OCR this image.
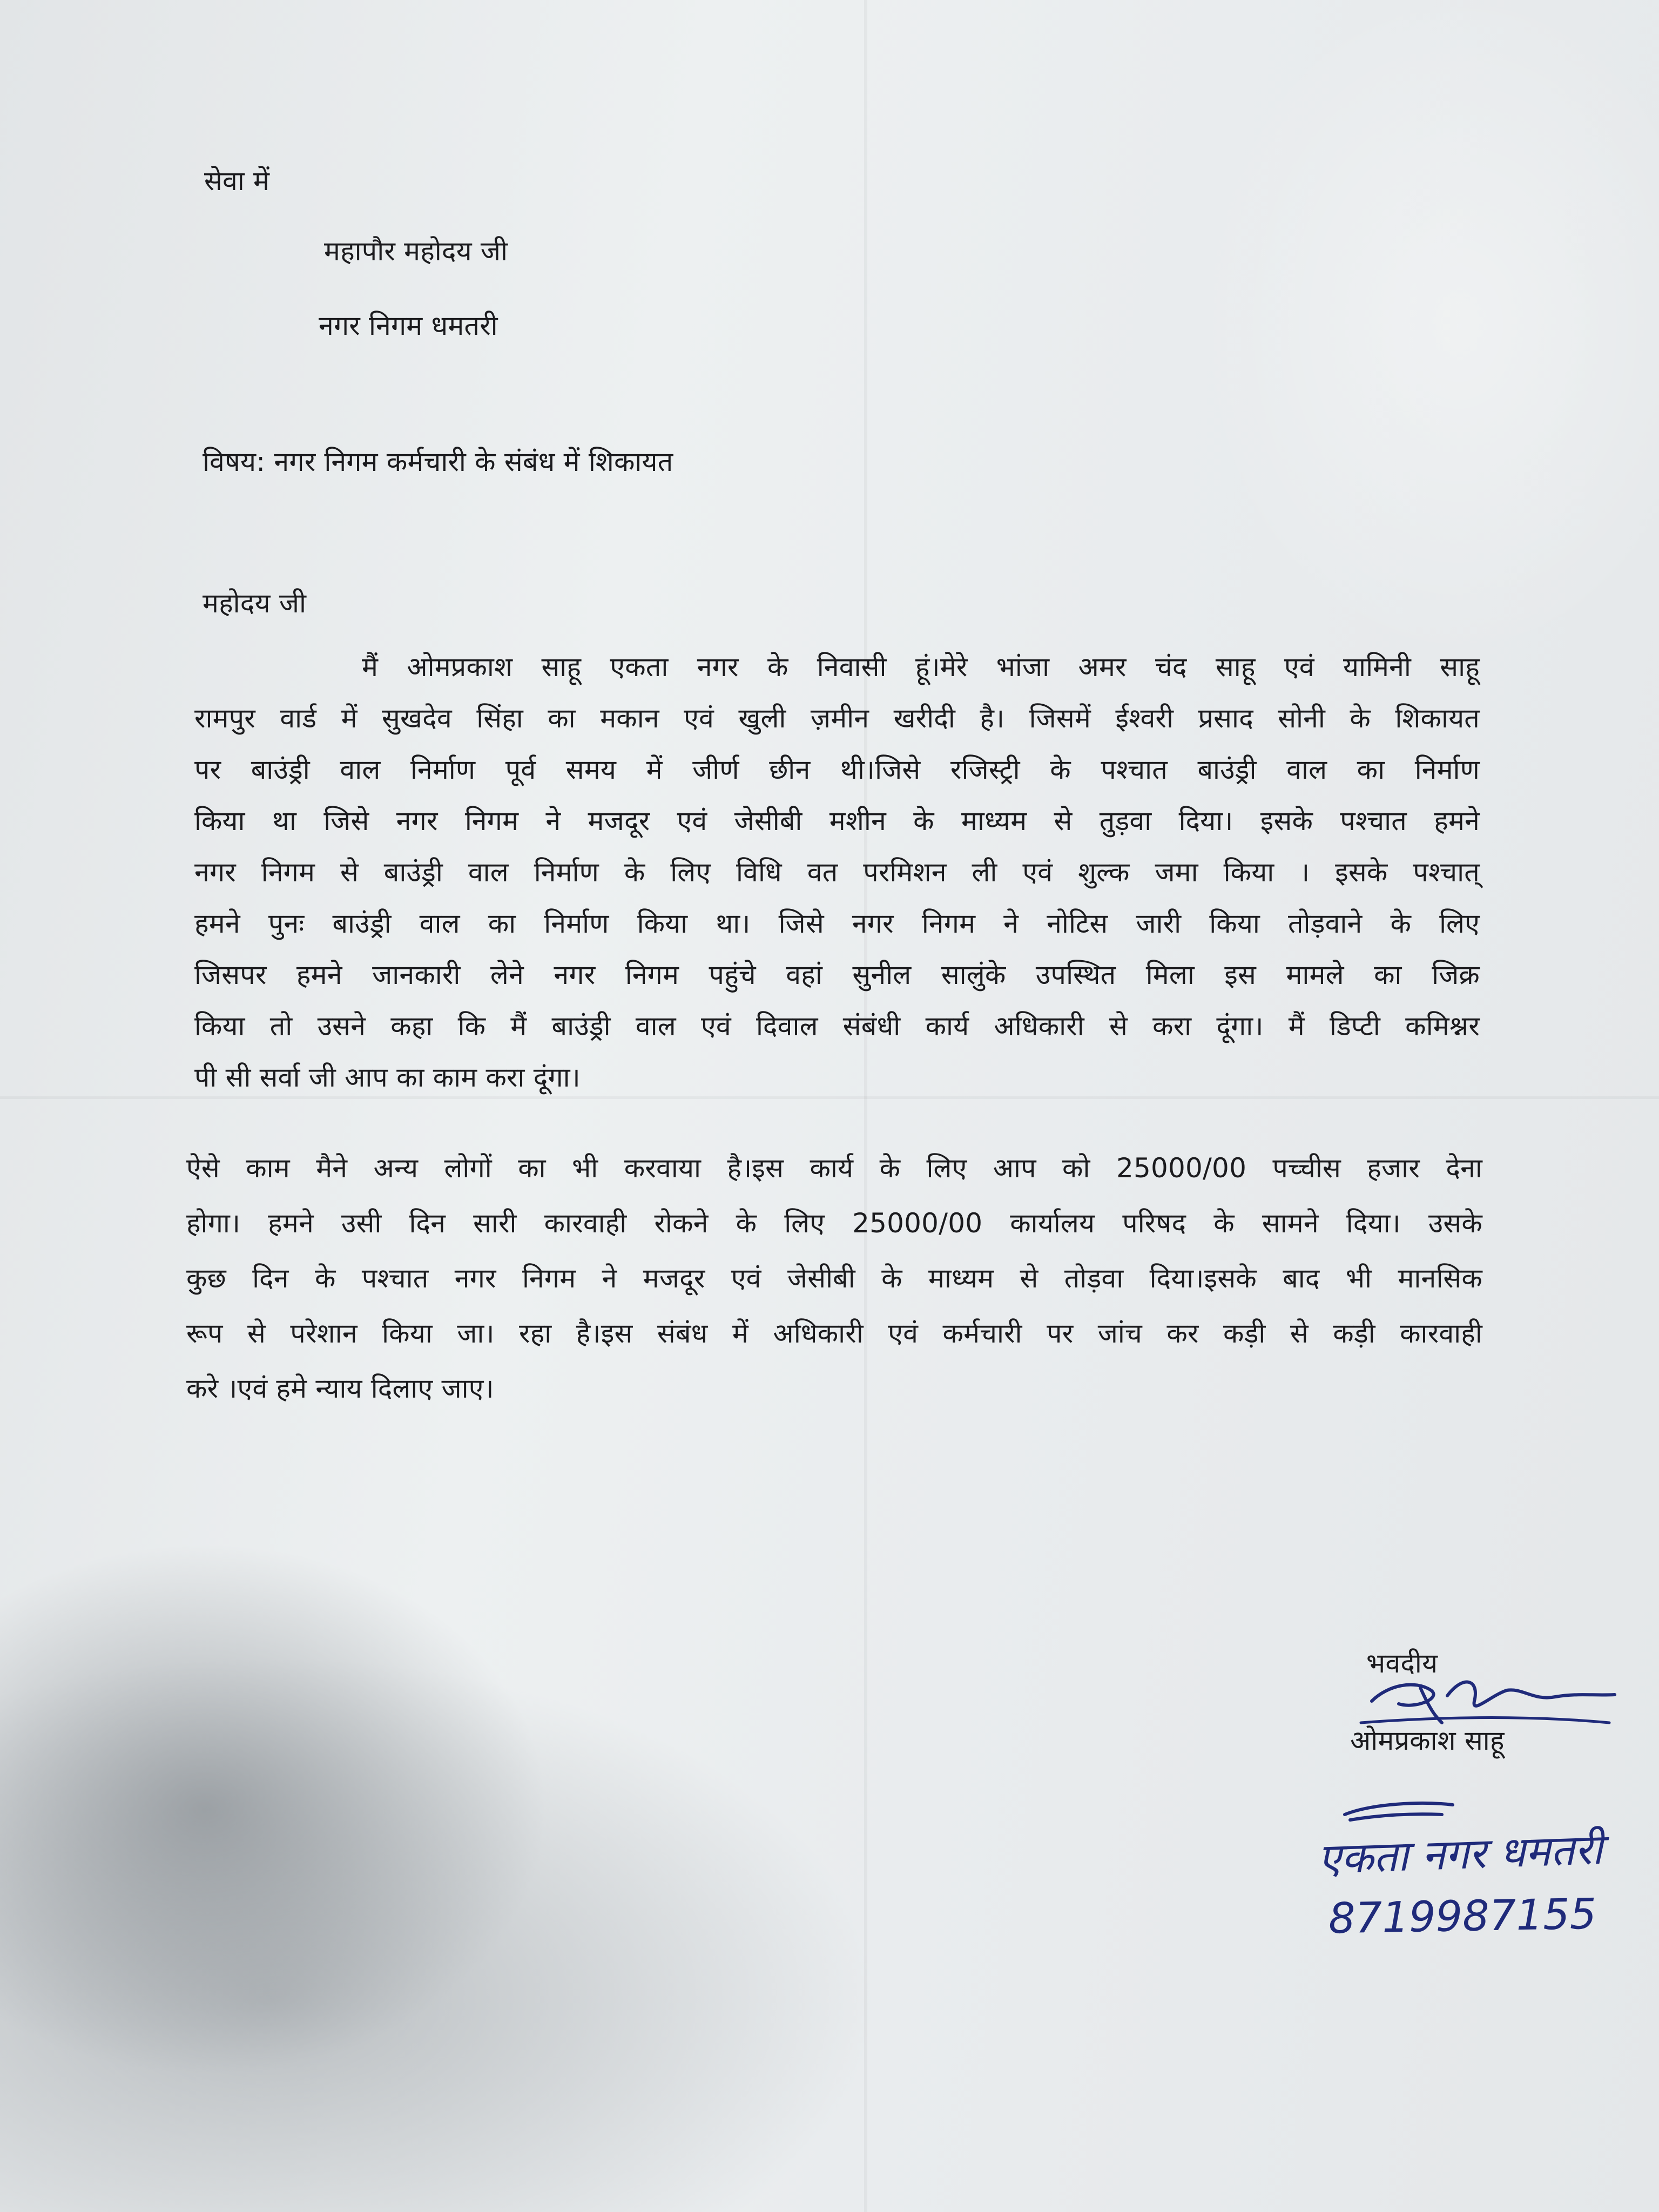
सेवा में

महापौर महोदय जी

नगर निगम धमतरी

विषय: नगर निगम कर्मचारी के संबंध में शिकायत

महोदय जी

मैं ओमप्रकाश साहू एकता नगर के निवासी हूं।मेरे भांजा अमर चंद साहू एवं यामिनी साहू

रामपुर वार्ड में सुखदेव सिंहा का मकान एवं खुली ज़मीन खरीदी है। जिसमें ईश्वरी प्रसाद सोनी के शिकायत

पर बाउंड्री वाल निर्माण पूर्व समय में जीर्ण छीन थी।जिसे रजिस्ट्री के पश्चात बाउंड्री वाल का निर्माण

किया था जिसे नगर निगम ने मजदूर एवं जेसीबी मशीन के माध्यम से तुड़वा दिया। इसके पश्चात हमने

नगर निगम से बाउंड्री वाल निर्माण के लिए विधि वत परमिशन ली एवं शुल्क जमा किया । इसके पश्चात्

हमने पुनः बाउंड्री वाल का निर्माण किया था। जिसे नगर निगम ने नोटिस जारी किया तोड़वाने के लिए

जिसपर हमने जानकारी लेने नगर निगम पहुंचे वहां सुनील सालुंके उपस्थित मिला इस मामले का जिक्र

किया तो उसने कहा कि मैं बाउंड्री वाल एवं दिवाल संबंधी कार्य अधिकारी से करा दूंगा। मैं डिप्टी कमिश्नर

पी सी सर्वा जी आप का काम करा दूंगा।

ऐसे काम मैने अन्य लोगों का भी करवाया है।इस कार्य के लिए आप को 25000/00 पच्चीस हजार देना

होगा। हमने उसी दिन सारी कारवाही रोकने के लिए 25000/00 कार्यालय परिषद के सामने दिया। उसके

कुछ दिन के पश्चात नगर निगम ने मजदूर एवं जेसीबी के माध्यम से तोड़वा दिया।इसके बाद भी मानसिक

रूप से परेशान किया जा। रहा है।इस संबंध में अधिकारी एवं कर्मचारी पर जांच कर कड़ी से कड़ी कारवाही

करे ।एवं हमे न्याय दिलाए जाए।

भवदीय

ओमप्रकाश साहू

एकता नगर धमतरी

8719987155
